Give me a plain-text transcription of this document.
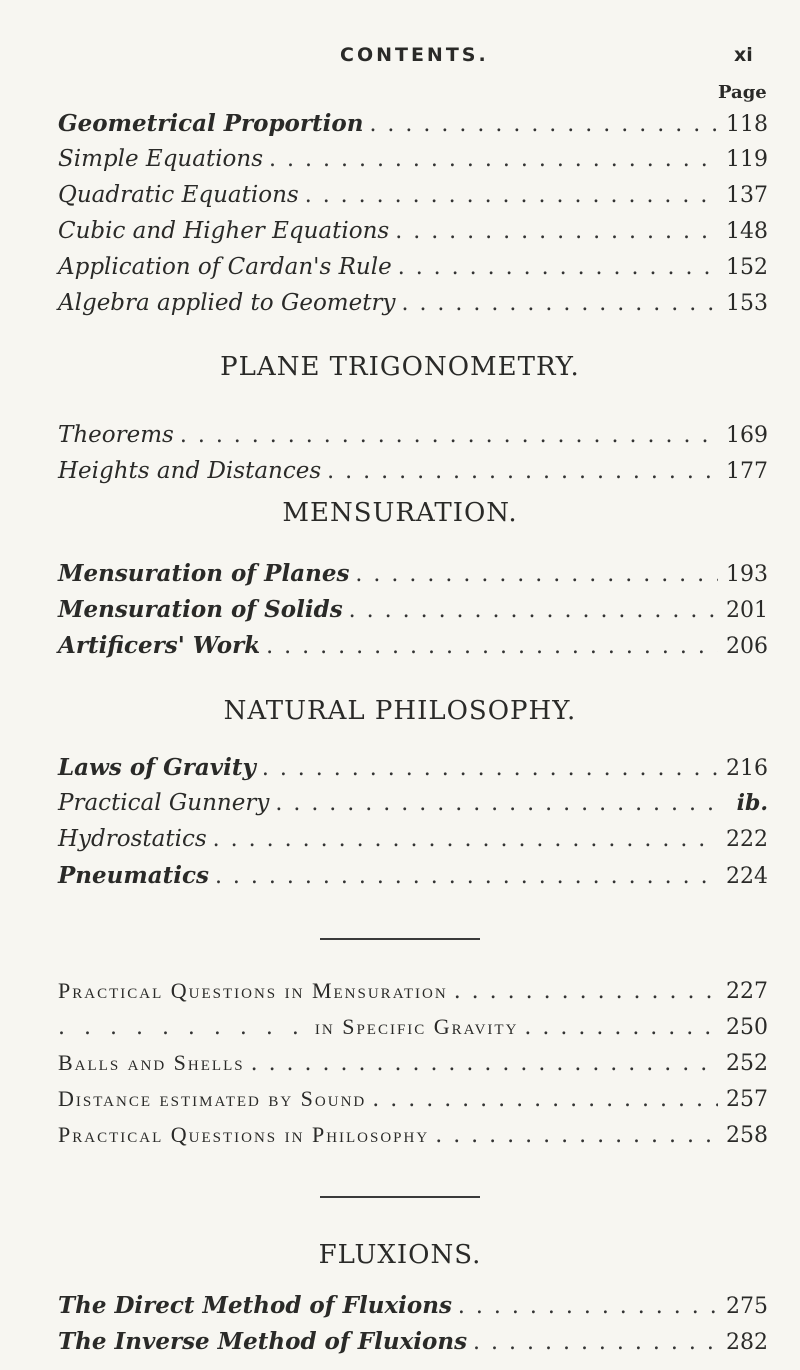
CONTENTS.	xi
Page
Geometrical Proportion . . .	118
Simple Equations . . .	119
Quadratic Equations . . .	137
Cubic and Higher Equations . . .	148
Application of Cardan's Rule . . .	152
Algebra applied to Geometry . . .	153
PLANE TRIGONOMETRY.
Theorems . . .	169
Heights and Distances . . .	177
MENSURATION.
Mensuration of Planes . . .	193
Mensuration of Solids . . .	201
Artificers' Work . . .	206
NATURAL PHILOSOPHY.
Laws of Gravity . . .	216
Practical Gunnery . . .	ib.
Hydrostatics . . .	222
Pneumatics . . .	224
Practical Questions in Mensuration . . .	227
. . . . . . . . . . in Specific Gravity . . .	250
Balls and Shells . . .	252
Distance estimated by Sound . . .	257
Practical Questions in Philosophy . . .	258
FLUXIONS.
The Direct Method of Fluxions . . .	275
The Inverse Method of Fluxions . . .	282
